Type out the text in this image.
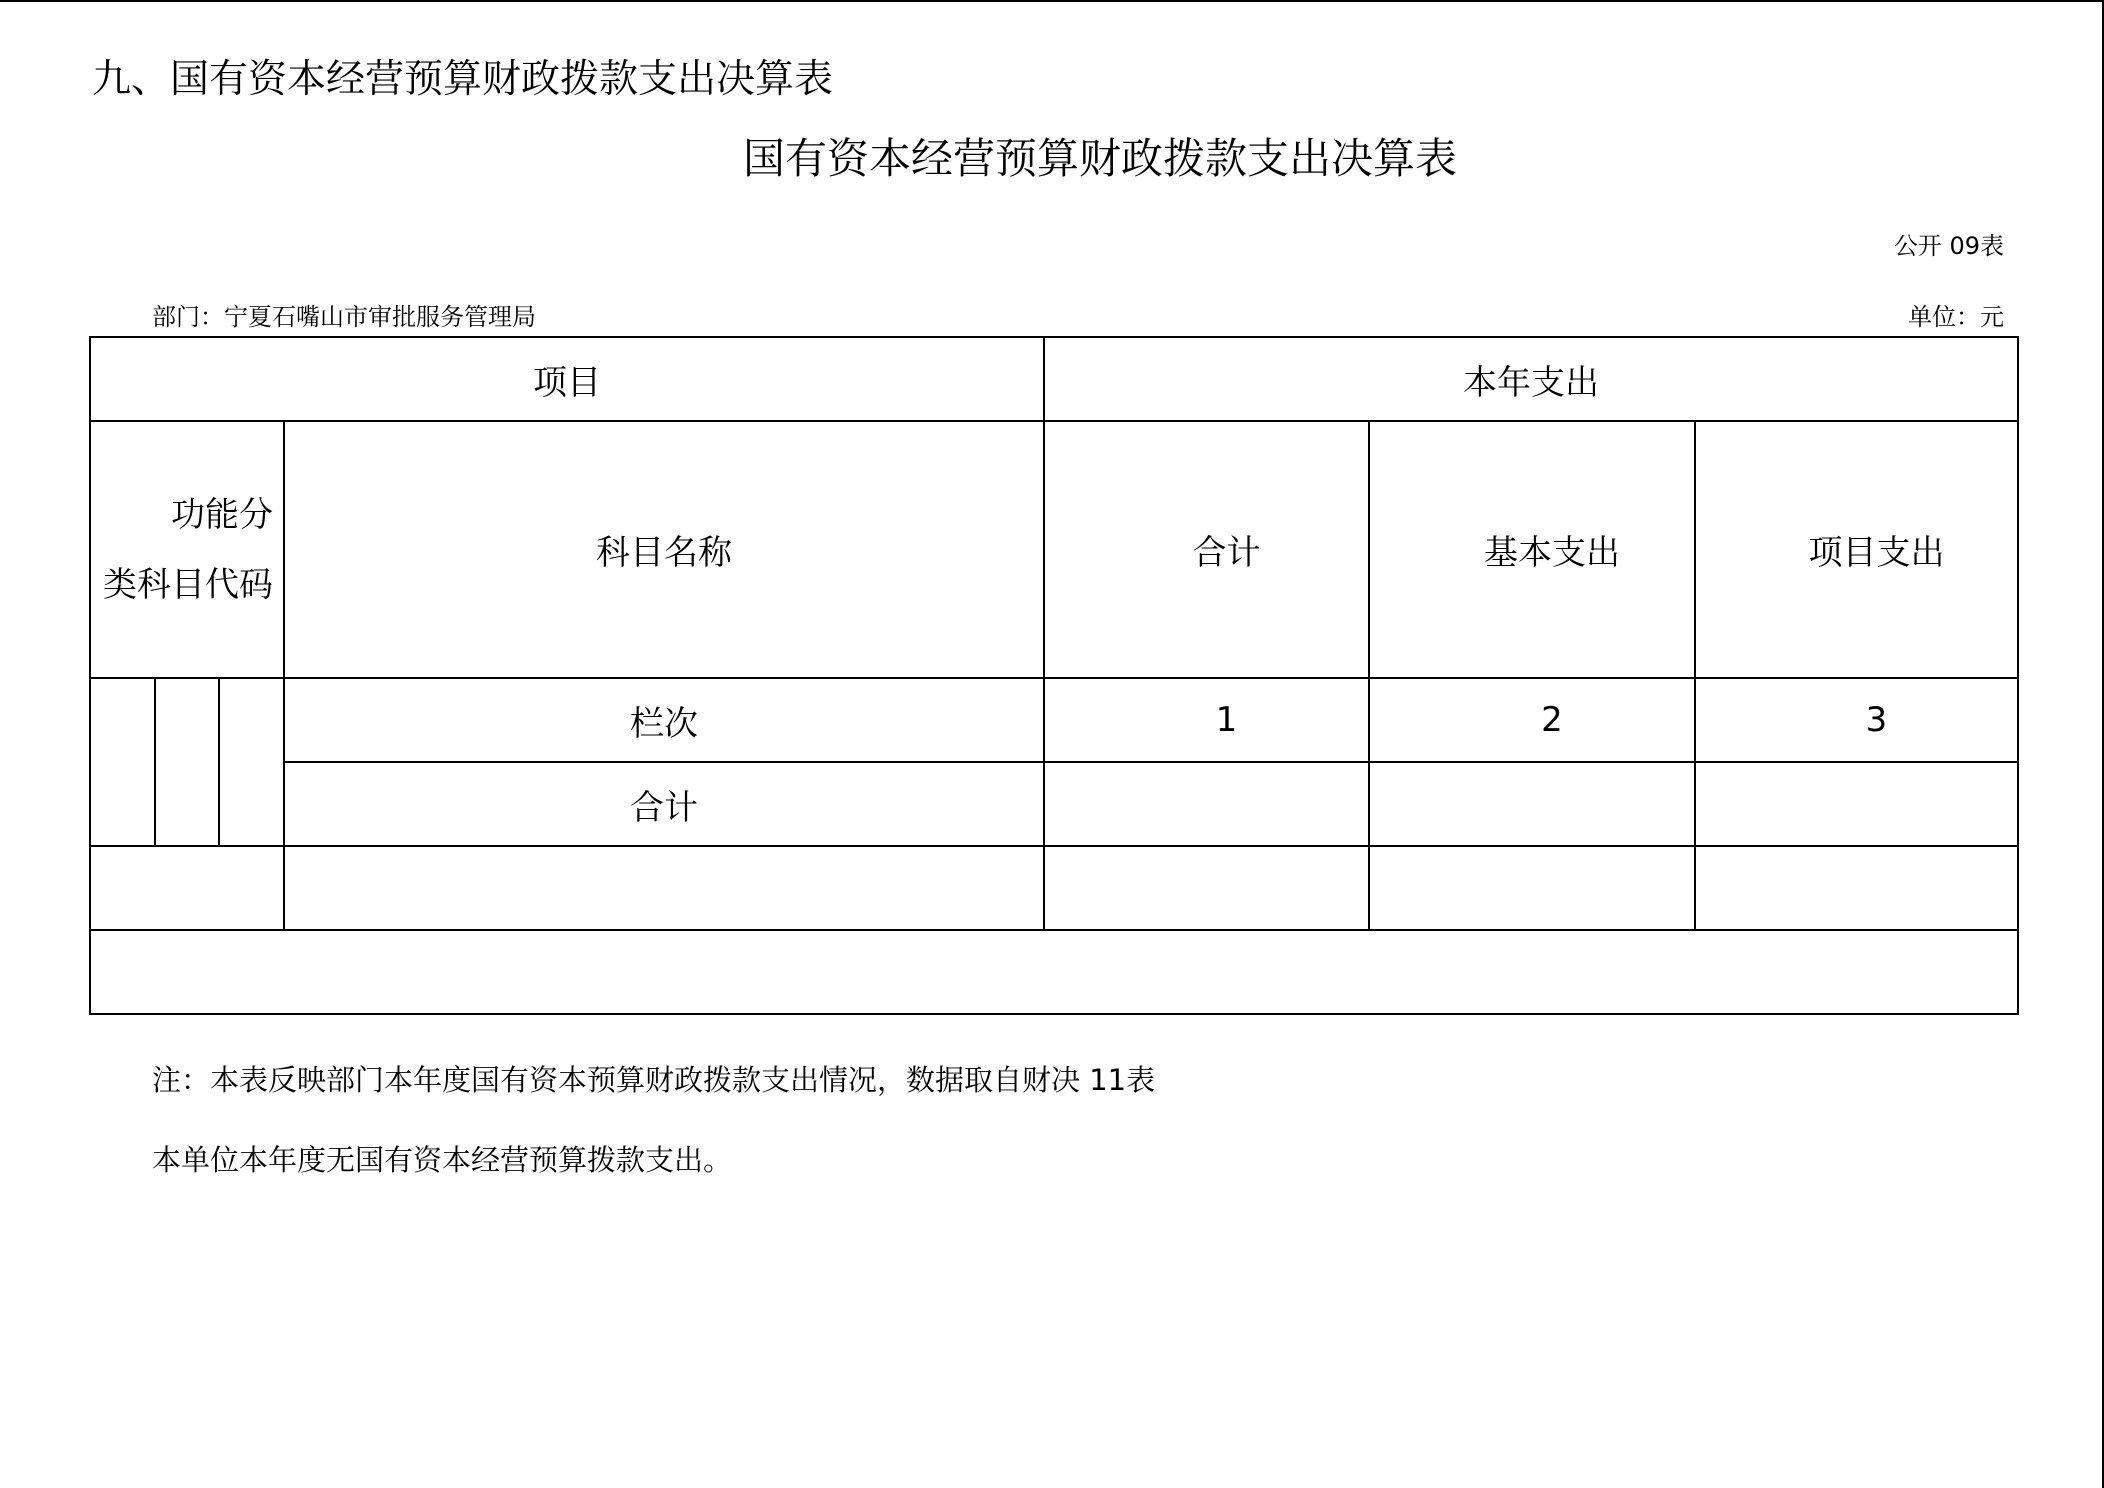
九、国有资本经营预算财政拨款支出决算表
国有资本经营预算财政拨款支出决算表
公开 09表
部门：宁夏石嘴山市审批服务管理局	单位：元
项目				本年支出		

功能分
类科目代码			科目名称	合计	基本支出	项目支出
			栏次	1	2	3
			合计			

注：本表反映部门本年度国有资本预算财政拨款支出情况，数据取自财决 11表
本单位本年度无国有资本经营预算拨款支出。
